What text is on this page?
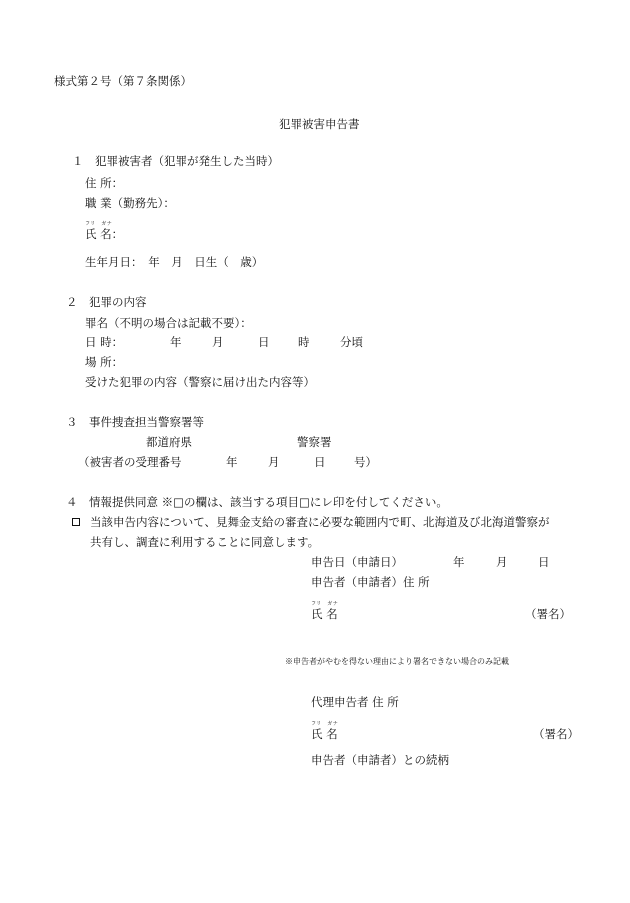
様式第２号（第７条関係）
犯罪被害申告書
１　犯罪被害者（犯罪が発生した当時）
住 所：
職 業（勤務先）：
フリ　ガナ
氏 名：
生年月日：　年　月　日生（　歳）
２　犯罪の内容
罪名（不明の場合は記載不要）：
日 時：	年	月	日 時	分頃
場 所：
受けた犯罪の内容（警察に届け出た内容等）
３　事件捜査担当警察署等
都道府県	警察署
（被害者の受理番号	年	月	日 号）
４　情報提供同意 ※□の欄は、該当する項目□にレ印を付してください。
当該申告内容について、見舞金支給の審査に必要な範囲内で町、北海道及び北海道警察が
共有し、調査に利用することに同意します。
申告日（申請日）	年	月	日
申告者（申請者）住 所
フリ　ガナ
氏 名	（署名）
※申告者がやむを得ない理由により署名できない場合のみ記載
代理申告者 住 所
フリ　ガナ
氏 名	（署名）
申告者（申請者）との続柄
